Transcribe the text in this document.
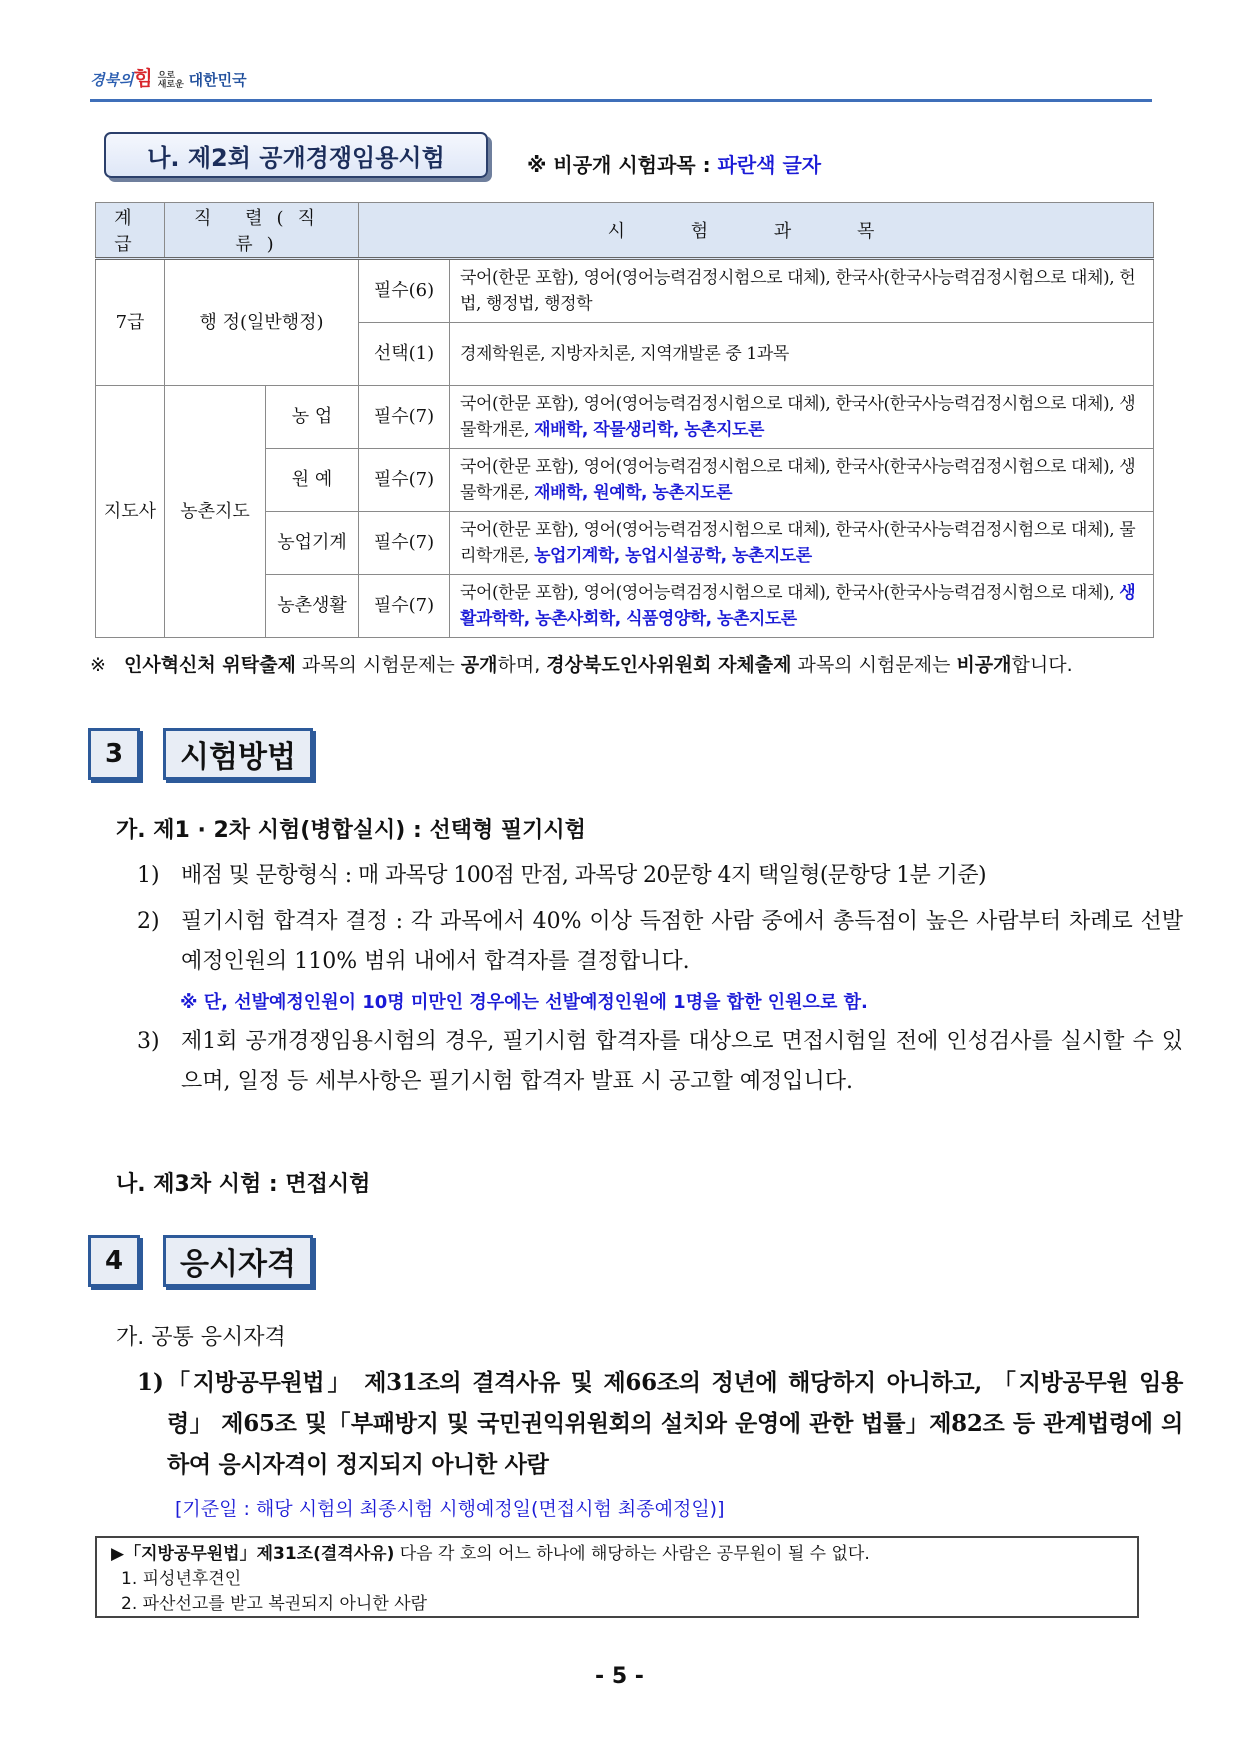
경북의힘 으로
새로운 대한민국
나. 제2회 공개경쟁임용시험	※ 비공개 시험과목 : 파란색 글자
계 급	직 렬(직 류)		시 험 과 목	
7급	행 정(일반행정)		필수(6)	국어(한문 포함), 영어(영어능력검정시험으로 대체), 한국사(한국사능력검정시험으로 대체), 헌법, 행정법, 행정학
			선택(1)	경제학원론, 지방자치론, 지역개발론 중 1과목
지도사	농촌지도	농 업	필수(7)	국어(한문 포함), 영어(영어능력검정시험으로 대체), 한국사(한국사능력검정시험으로 대체), 생물학개론, 재배학, 작물생리학, 농촌지도론
		원 예	필수(7)	국어(한문 포함), 영어(영어능력검정시험으로 대체), 한국사(한국사능력검정시험으로 대체), 생물학개론, 재배학, 원예학, 농촌지도론
		농업기계	필수(7)	국어(한문 포함), 영어(영어능력검정시험으로 대체), 한국사(한국사능력검정시험으로 대체), 물리학개론, 농업기계학, 농업시설공학, 농촌지도론
		농촌생활	필수(7)	국어(한문 포함), 영어(영어능력검정시험으로 대체), 한국사(한국사능력검정시험으로 대체), 생활과학학, 농촌사회학, 식품영양학, 농촌지도론
※ 인사혁신처 위탁출제 과목의 시험문제는 공개하며, 경상북도인사위원회 자체출제 과목의 시험문제는 비공개합니다.
3	시험방법
가. 제1 · 2차 시험(병합실시) : 선택형 필기시험
1) 배점 및 문항형식 : 매 과목당 100점 만점, 과목당 20문항 4지 택일형(문항당 1분 기준)
2) 필기시험 합격자 결정 : 각 과목에서 40% 이상 득점한 사람 중에서 총득점이 높은 사람부터 차례로 선발예정인원의 110% 범위 내에서 합격자를 결정합니다.
※ 단, 선발예정인원이 10명 미만인 경우에는 선발예정인원에 1명을 합한 인원으로 함.
3) 제1회 공개경쟁임용시험의 경우, 필기시험 합격자를 대상으로 면접시험일 전에 인성검사를 실시할 수 있으며, 일정 등 세부사항은 필기시험 합격자 발표 시 공고할 예정입니다.
나. 제3차 시험 : 면접시험
4	응시자격
가. 공통 응시자격
1) 「지방공무원법」 제31조의 결격사유 및 제66조의 정년에 해당하지 아니하고, 「지방공무원 임용령」 제65조 및「부패방지 및 국민권익위원회의 설치와 운영에 관한 법률」제82조 등 관계법령에 의하여 응시자격이 정지되지 아니한 사람
[기준일 : 해당 시험의 최종시험 시행예정일(면접시험 최종예정일)]
▶「지방공무원법」제31조(결격사유) 다음 각 호의 어느 하나에 해당하는 사람은 공무원이 될 수 없다.
1. 피성년후견인
2. 파산선고를 받고 복권되지 아니한 사람
- 5 -
